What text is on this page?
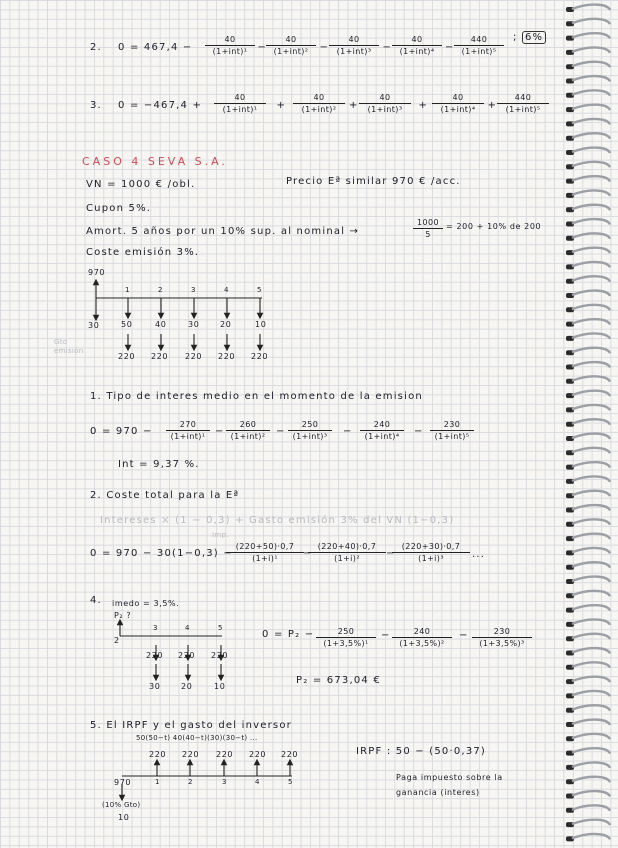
2. 0 = 467,4 −
40
(1+int)¹
40
(1+int)²
40
(1+int)³
40
(1+int)⁴
440
(1+int)⁵
−	−	−	−
; 6%
3. 0 = −467,4 +
40
(1+int)¹
40
(1+int)²
40
(1+int)³
40
(1+int)⁴
440
(1+int)⁵
+	+	+	+
CASO 4 SEVA S.A.
VN = 1000 € /obl.	Precio Eª similar 970 € /acc.
Cupon 5%.
Amort. 5 años por un 10% sup. al nominal →	$\frac{1000}{5} = 200 + 10\%$ de 200
Coste emisión 3%.
970
1	2	3	4	5
50	40	30	20	10
220 220 220 220 220
30
Gto emisión
1. Tipo de interes medio en el momento de la emision
0 = 970 −
270
(1+int)¹
260
(1+int)²
250
(1+int)³
240
(1+int)⁴
230
(1+int)⁵
−	−	−	−
Int = 9,37 %.
2. Coste total para la Eª
Intereses × (1 − 0,3) + Gasto emisión 3% del VN (1−0,3)
Imp.
0 = 970 − 30(1−0,3) −
$\frac{(220+50)\cdot 0,7}{\text{(1+i)¹}} \frac{(220+40)\cdot 0,7}{\text{(1+i)²}} \frac{(220+30)\cdot 0,7}{\text{(1+i)³}}$
−	−	...
4. imedo = 3,5%.
P₂ ?
2
3	4	5
220 220 220
30	20	10
$0 = P_2 - \frac{250}{\text{(1+3,5\%)¹}} \frac{240}{\text{(1+3,5\%)²}}$	$\frac{230}{\text{(1+3,5\%)³}}$
−	−
P₂ = 673,04 €
5. El IRPF y el gasto del inversor
50(50−t) 40(40−t)(30)(30−t) ...
220 220 220 220 220
1	2	3	4	5
970
(10% Gto)
10
IRPF : 50 − (50·0,37)
Paga impuesto sobre la
ganancia (interes)
